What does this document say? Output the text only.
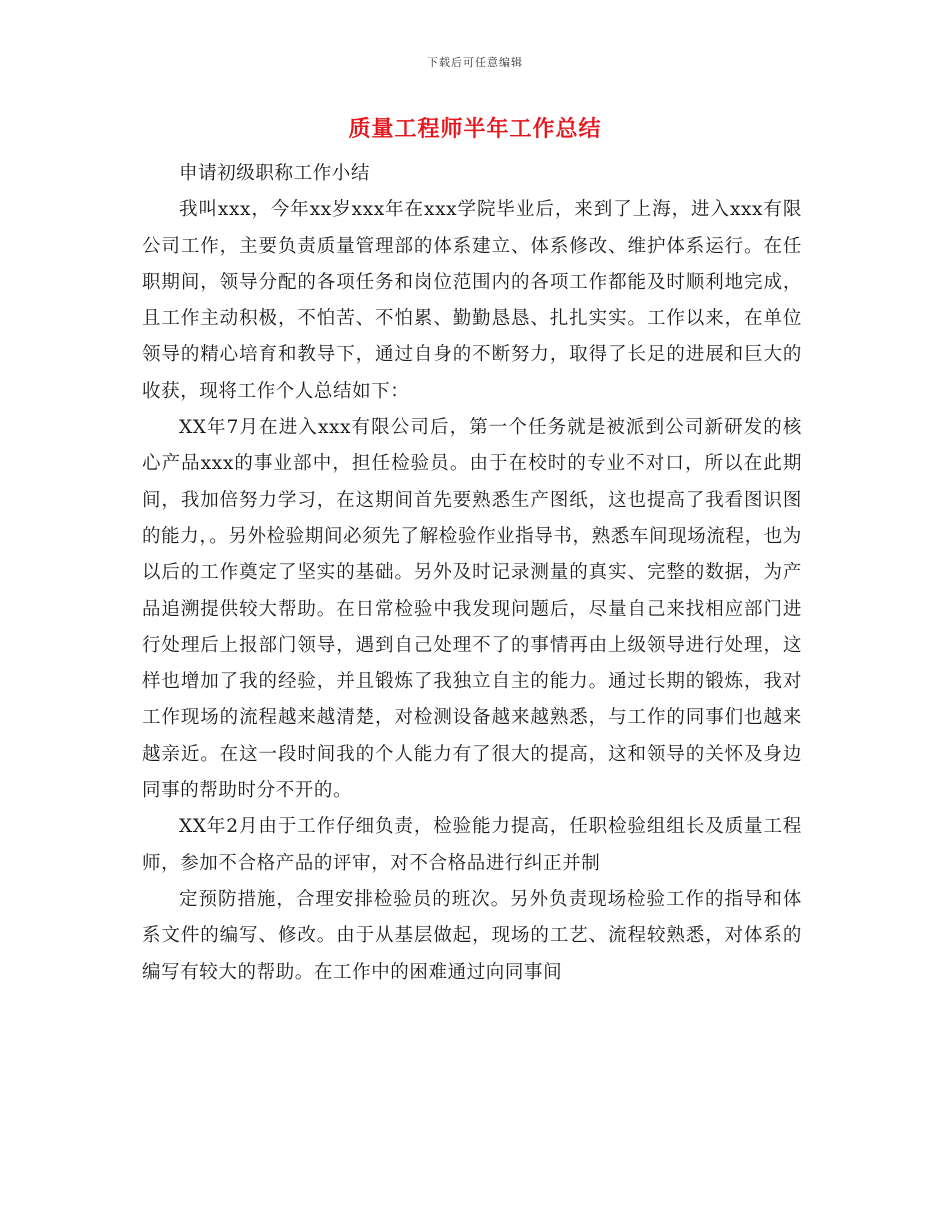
下载后可任意编辑
质量工程师半年工作总结

申请初级职称工作小结

我叫xxx，今年xx岁xxx年在xxx学院毕业后，来到了上海，进入xxx有限公司工作，主要负责质量管理部的体系建立、体系修改、维护体系运行。在任职期间，领导分配的各项任务和岗位范围内的各项工作都能及时顺利地完成，且工作主动积极，不怕苦、不怕累、勤勤恳恳、扎扎实实。工作以来，在单位领导的精心培育和教导下，通过自身的不断努力，取得了长足的进展和巨大的收获，现将工作个人总结如下：

XX年7月在进入xxx有限公司后，第一个任务就是被派到公司新研发的核心产品xxx的事业部中，担任检验员。由于在校时的专业不对口，所以在此期间，我加倍努力学习，在这期间首先要熟悉生产图纸，这也提高了我看图识图的能力，。另外检验期间必须先了解检验作业指导书，熟悉车间现场流程，也为以后的工作奠定了坚实的基础。另外及时记录测量的真实、完整的数据，为产品追溯提供较大帮助。在日常检验中我发现问题后，尽量自己来找相应部门进行处理后上报部门领导，遇到自己处理不了的事情再由上级领导进行处理，这样也增加了我的经验，并且锻炼了我独立自主的能力。通过长期的锻炼，我对工作现场的流程越来越清楚，对检测设备越来越熟悉，与工作的同事们也越来越亲近。在这一段时间我的个人能力有了很大的提高，这和领导的关怀及身边同事的帮助时分不开的。

XX年2月由于工作仔细负责，检验能力提高，任职检验组组长及质量工程师，参加不合格产品的评审，对不合格品进行纠正并制

定预防措施，合理安排检验员的班次。另外负责现场检验工作的指导和体系文件的编写、修改。由于从基层做起，现场的工艺、流程较熟悉，对体系的编写有较大的帮助。在工作中的困难通过向同事间
